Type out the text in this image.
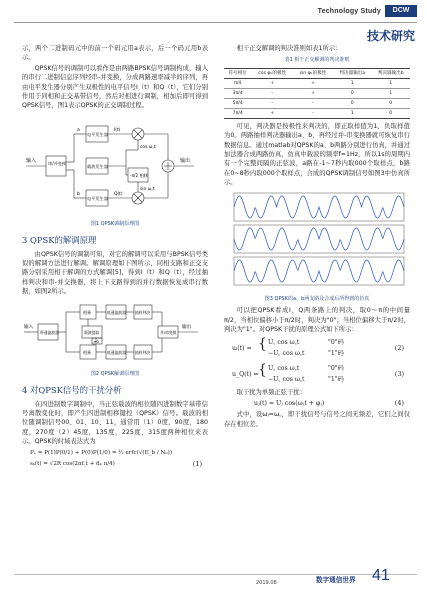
Technology Study	DCW
技术研究

示，两个二进制码元中的前一个码元用a表示，后一个码元用b表示。

QPSK信号的调制可以看作是由两路BPSK信号调制构成，输入的串行二进制信息序列经串-并变换，分成两路速率减半的序列，再由电平发生器分别产生双极性的电平信号I（t）和Q（t），它们分别作用于同相和正交基带信号，然后对相进行调制，相加后即可得到QPSK信号，图1表示QPSK的正交调制过程。

输入	串/并变换
电平发生器
电平发生器
载波发生器
-π/2 相移
cos ω꜀t
sin ω꜀t
a
b
I(t)
Q(t)
输出
图1 QPSK调制原理图
3 QPSK的解调原理

由QPSK信号的调制可知，对它的解调可以采用与BPSK信号类似的解调方法进行解调。解调原理如下图所示，同相支路和正交支路分别采用相干解调的方式解调[5]，得到I（t）和Q（t），经过抽样判决和串-并交换器，将上下支路得到的并行数据恢复成串行数据，如图2所示。

输入
带通滤波器
相乘
相乘
低通滤波器
低通滤波器
抽样判决
抽样判决
并/串变换
载波提取
-π/2
输出
图2 QPSK解调原理图
4 对QPSK信号的干扰分析

在四进制数字调制中，当正弦载波的相位随四进制数字基带信号离散变化时，即产生四进制相移键控（QPSK）信号。载波的相位随调制信号00、01、10、11，通常用（1）0度，90度，180度，270度（2）45度，135度，225度，315度两种相位来表示。QPSK的时域表达式为

Pₑ = P(1)P(0/1) + P(0)P(1/0) = ½ erfc(√(E_b / N₀))
sₖ(t) = √2R cos(2πf꜀t + dₖ π/4)	(1)

相干正交解调的判决准则如表1所示：

表1 相干正交解调的判决准则
符号相位	cos φₖ的极性	sin φₖ的极性	判决器输出a	判决器输出b
π/4	+	+	1	1
3π/4	-	+	0	1
5π/4	-	-	0	0
7π/4	+	-	1	0

可见，判决器是按极性来判决的，即正取样值为1，负取样值为0。两路抽样判决器输出a、b，再经过并-串变换器就可恢复串行数据信息。通过matlab对QPSK的a、b两路分别进行仿真，并通过加法器合成两路仿真，仿真中载波的频率f=1Hz，所以1s的周期内有一个完整间隔的正弦波，a路在-1~7秒内取000个取样点，b路在0~8秒内取000个取样点，合成的QPSK调制信号如图3中仿真所示。

图3 QPSK的a、b两支路及合成后所得到的仿真

可以把QPSK看成I、Q两条路上的判决，取0～π的中间量π/2，当相位偏移小于π/2时，判决为"0"；当相位偏移大于π/2时，判决为"1"。对QPSK干扰的原理公式如下所示：

uᵢ(t) = { U꜀ cos ω꜀t
−U꜀ cos ω꜀t
"0"码
"1"码
(2)
u_Q(t) = { U꜀ cos ω꜀t
−U꜀ cos ω꜀t
"0"码
"1"码
(3)

取干扰为单频正弦干扰：

uⱼ(t) = Uⱼ cos(ωⱼt + φⱼ)	(4)

式中，设ωⱼ=ω꜀，即干扰信号与信号之间无频差，它们之间仅存在相位差。

2019.08	数字通信世界 41
